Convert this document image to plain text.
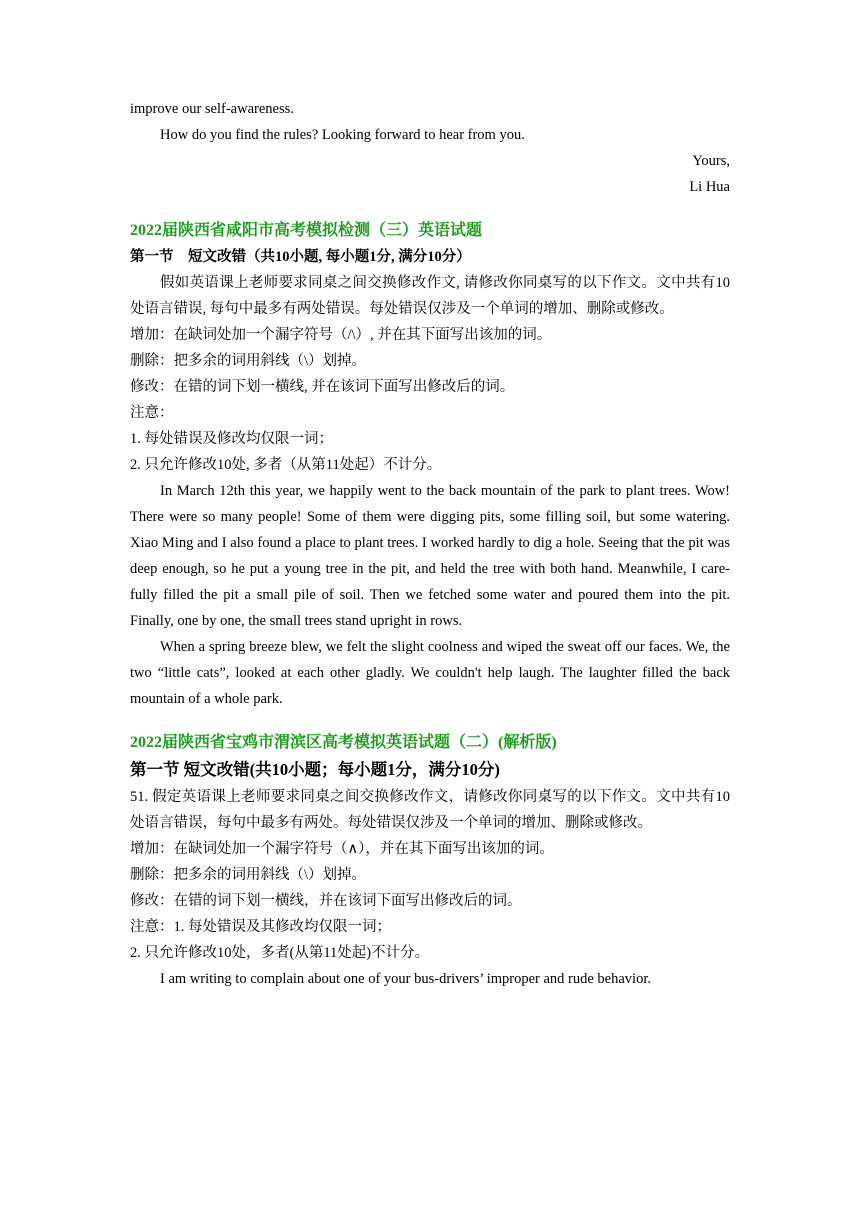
improve our self-awareness.

How do you find the rules? Looking forward to hear from you.

Yours,

Li Hua

2022届陕西省咸阳市高考模拟检测（三）英语试题

第一节　短文改错（共10小题, 每小题1分, 满分10分）

假如英语课上老师要求同桌之间交换修改作文, 请修改你同桌写的以下作文。文中共有10 处语言错误, 每句中最多有两处错误。每处错误仅涉及一个单词的增加、删除或修改。

增加：在缺词处加一个漏字符号（/\）, 并在其下面写出该加的词。

删除：把多余的词用斜线（\）划掉。

修改：在错的词下划一横线, 并在该词下面写出修改后的词。

注意：

1. 每处错误及修改均仅限一词；

2. 只允许修改10处, 多者（从第11处起）不计分。

In March 12th this year, we happily went to the back mountain of the park to plant trees. Wow! There were so many people! Some of them were digging pits, some filling soil, but some watering. Xiao Ming and I also found a place to plant trees. I worked hardly to dig a hole. Seeing that the pit was deep enough, so he put a young tree in the pit, and held the tree with both hand. Meanwhile, I care-fully filled the pit a small pile of soil. Then we fetched some water and poured them into the pit. Finally, one by one, the small trees stand upright in rows.

When a spring breeze blew, we felt the slight coolness and wiped the sweat off our faces. We, the two “little cats”, looked at each other gladly. We couldn't help laugh. The laughter filled the back mountain of a whole park.

2022届陕西省宝鸡市渭滨区高考模拟英语试题（二）(解析版)

第一节 短文改错(共10小题；每小题1分，满分10分)

51. 假定英语课上老师要求同桌之间交换修改作文，请修改你同桌写的以下作文。文中共有10处语言错误，每句中最多有两处。每处错误仅涉及一个单词的增加、删除或修改。

增加：在缺词处加一个漏字符号（∧），并在其下面写出该加的词。

删除：把多余的词用斜线（\）划掉。

修改：在错的词下划一横线，并在该词下面写出修改后的词。

注意：1. 每处错误及其修改均仅限一词；

2. 只允许修改10处，多者(从第11处起)不计分。

I am writing to complain about one of your bus-drivers’ improper and rude behavior.
